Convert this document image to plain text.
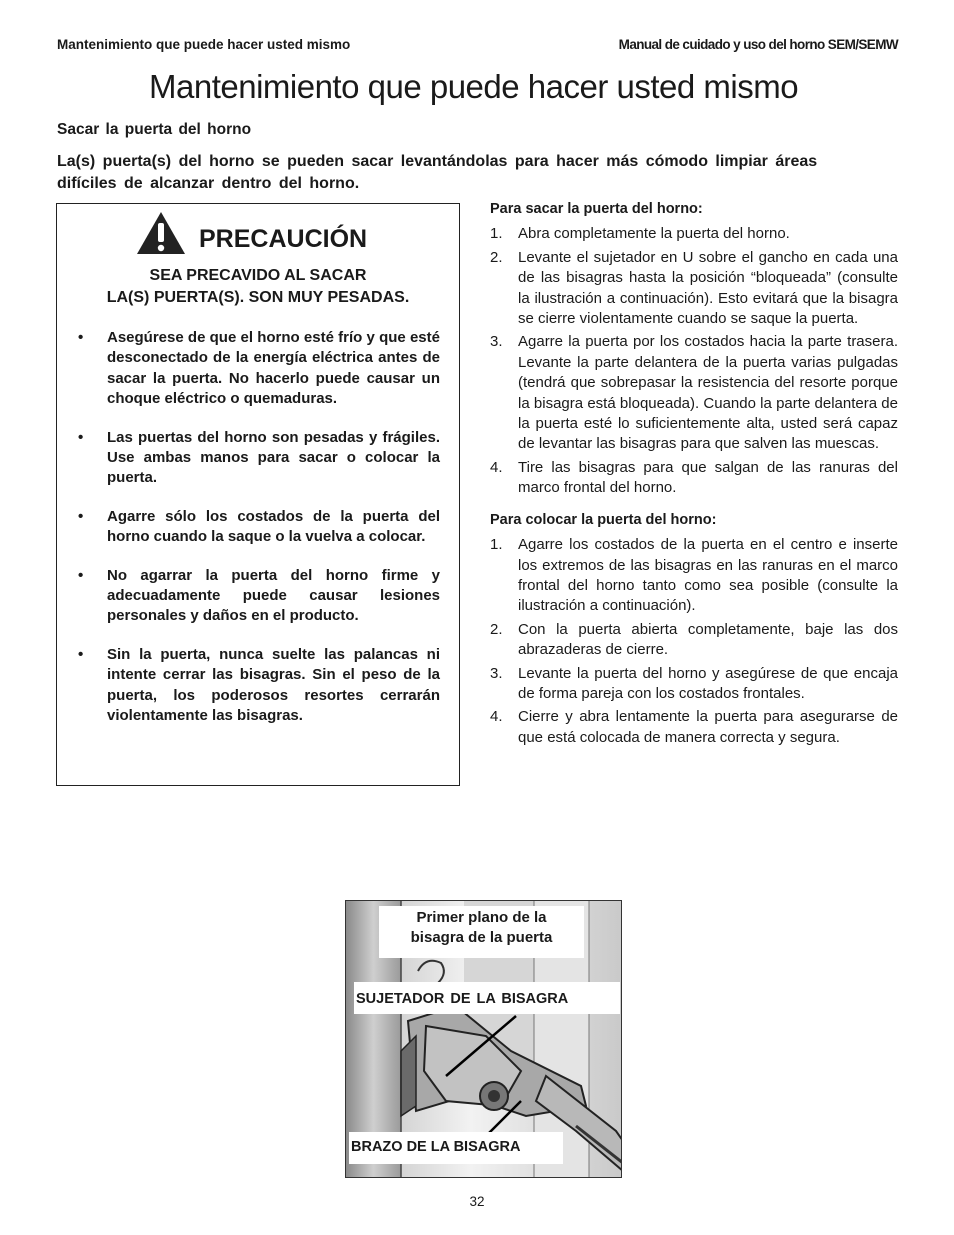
Mantenimiento que puede hacer usted mismo	Manual de cuidado y uso del horno SEM/SEMW
Mantenimiento que puede hacer usted mismo
Sacar la puerta del horno
La(s) puerta(s) del horno se pueden sacar levantándolas para hacer más cómodo limpiar áreas difíciles de alcanzar dentro del horno.
PRECAUCIÓN
SEA PRECAVIDO AL SACAR
LA(S) PUERTA(S). SON MUY PESADAS.
• Asegúrese de que el horno esté frío y que esté desconectado de la energía eléctrica antes de sacar la puerta. No hacerlo puede causar un choque eléctrico o quemaduras.
• Las puertas del horno son pesadas y frágiles. Use ambas manos para sacar o colocar la puerta.
• Agarre sólo los costados de la puerta del horno cuando la saque o la vuelva a colocar.
• No agarrar la puerta del horno firme y adecuadamente puede causar lesiones personales y daños en el producto.
• Sin la puerta, nunca suelte las palancas ni intente cerrar las bisagras. Sin el peso de la puerta, los poderosos resortes cerrarán violentamente las bisagras.

Para sacar la puerta del horno:

1. Abra completamente la puerta del horno.
2. Levante el sujetador en U sobre el gancho en cada una de las bisagras hasta la posición “bloqueada” (consulte la ilustración a continuación). Esto evitará que la bisagra se cierre violentamente cuando se saque la puerta.
3. Agarre la puerta por los costados hacia la parte trasera. Levante la parte delantera de la puerta varias pulgadas (tendrá que sobrepasar la resistencia del resorte porque la bisagra está bloqueada). Cuando la parte delantera de la puerta esté lo suficientemente alta, usted será capaz de levantar las bisagras para que salven las muescas.
4. Tire las bisagras para que salgan de las ranuras del marco frontal del horno.

Para colocar la puerta del horno:

1. Agarre los costados de la puerta en el centro e inserte los extremos de las bisagras en las ranuras en el marco frontal del horno tanto como sea posible (consulte la ilustración a continuación).
2. Con la puerta abierta completamente, baje las dos abrazaderas de cierre.
3. Levante la puerta del horno y asegúrese de que encaja de forma pareja con los costados frontales.
4. Cierre y abra lentamente la puerta para asegurarse de que está colocada de manera correcta y segura.
Primer plano de la
bisagra de la puerta
SUJETADOR DE LA BISAGRA
BRAZO DE LA BISAGRA
32
